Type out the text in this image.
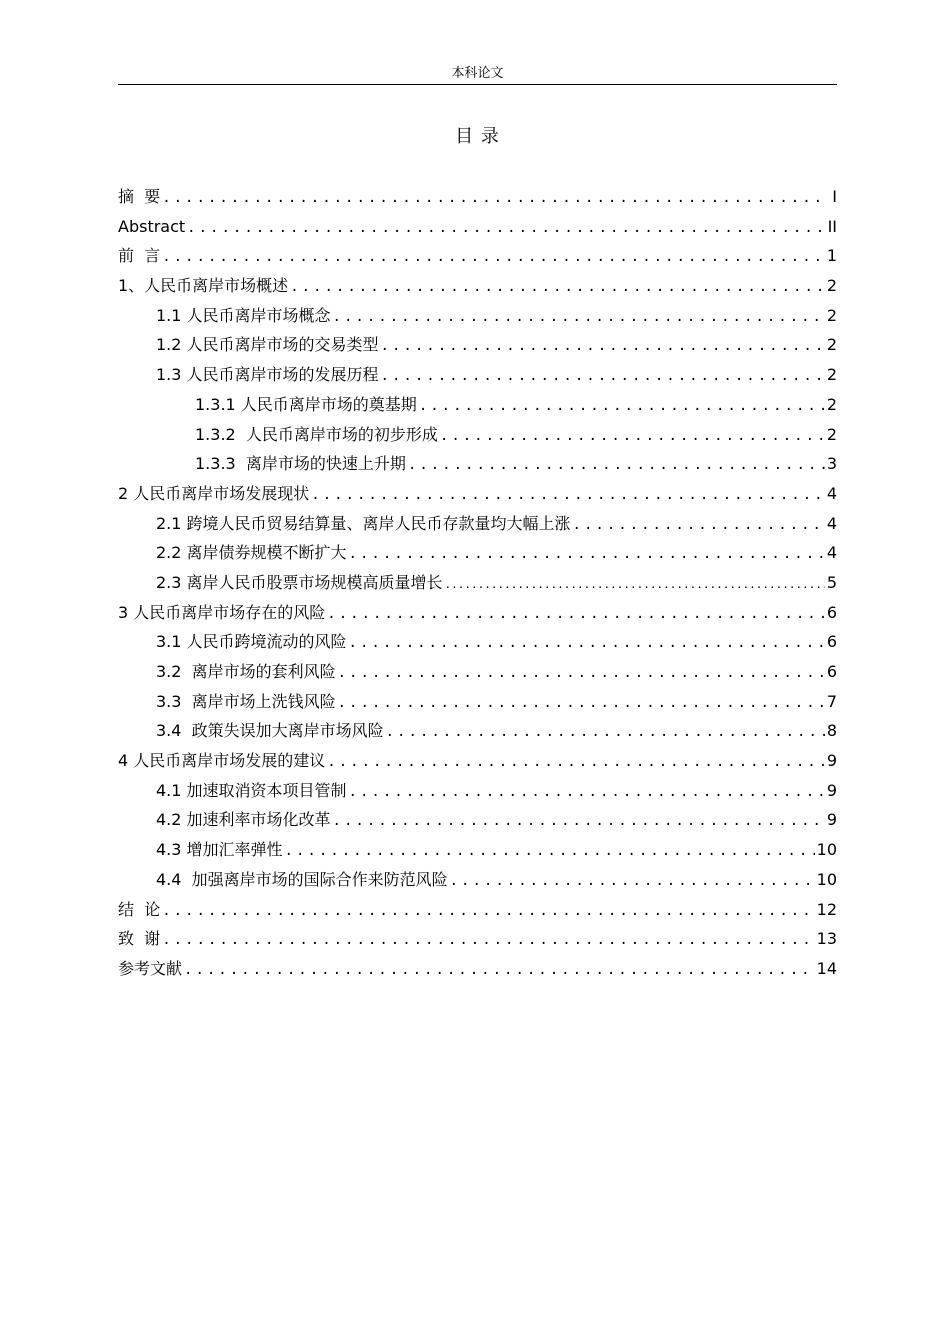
本科论文
目 录
摘  要 .....	I
Abstract .....	II
前  言 .....	1
1、人民币离岸市场概述 .....	2
1.1 人民币离岸市场概念 .....	2
1.2 人民币离岸市场的交易类型 .....	2
1.3 人民币离岸市场的发展历程 .....	2
1.3.1 人民币离岸市场的奠基期 .....	2
1.3.2  人民币离岸市场的初步形成 .....	2
1.3.3  离岸市场的快速上升期 .....	3
2 人民币离岸市场发展现状 .....	4
2.1 跨境人民币贸易结算量、离岸人民币存款量均大幅上涨 .....	4
2.2 离岸债券规模不断扩大 .....	4
2.3 离岸人民币股票市场规模高质量增长 .....	5
3 人民币离岸市场存在的风险 .....	6
3.1 人民币跨境流动的风险 .....	6
3.2  离岸市场的套利风险 .....	6
3.3  离岸市场上洗钱风险 .....	7
3.4  政策失误加大离岸市场风险 .....	8
4 人民币离岸市场发展的建议 .....	9
4.1 加速取消资本项目管制 .....	9
4.2 加速利率市场化改革 .....	9
4.3 增加汇率弹性 .....	10
4.4  加强离岸市场的国际合作来防范风险 .....	10
结  论 .....	12
致  谢 .....	13
参考文献 .....	14
